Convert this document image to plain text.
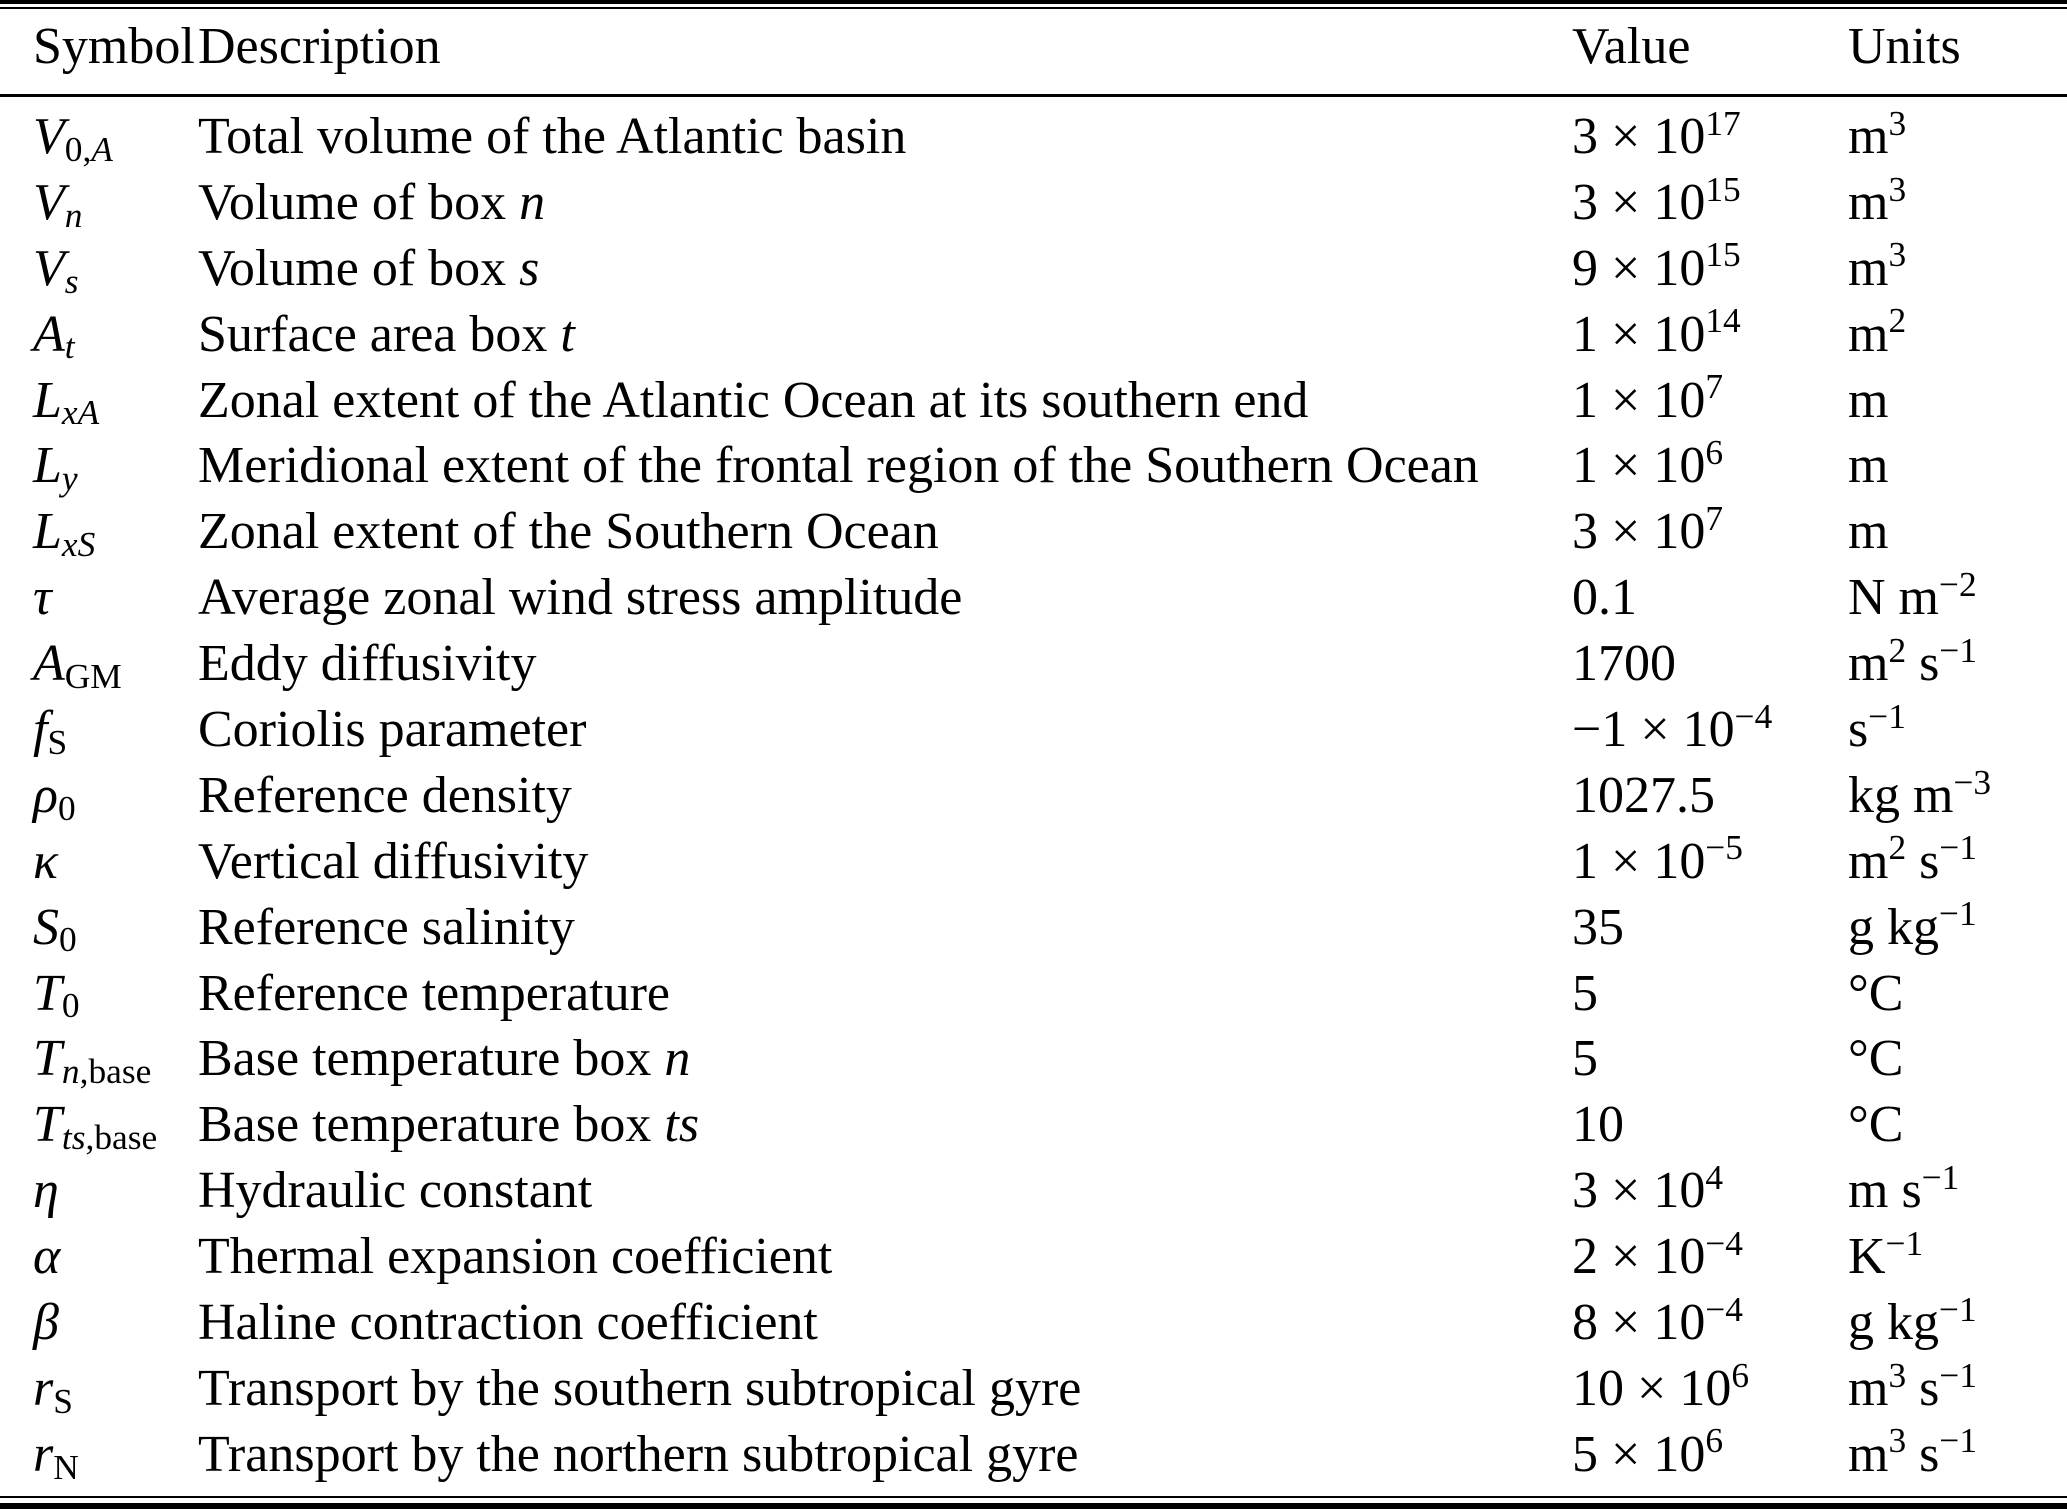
Symbol Description	Value	Units
$V_{0,A}$ Total volume of the Atlantic basin	$3 \times 10^{17}$ $m^3$
$V_n$ Volume of box n	$3 \times 10^{15}$ $m^3$
$V_s$ Volume of box s	$9 \times 10^{15}$ $m^3$
$A_t$ Surface area box t	$1 \times 10^{14}$ $m^2$
$L_{xA}$ Zonal extent of the Atlantic Ocean at its southern end	$1 \times 10^7$ m
$L_y$ Meridional extent of the frontal region of the Southern Ocean $1 \times 10^6$ m
$L_{xS}$ Zonal extent of the Southern Ocean	$3 \times 10^7$ m
τ	Average zonal wind stress amplitude	0.1	N $m^{-2}$
$A_{GM}$ Eddy diffusivity	1700	$m^2$ $s^{-1}$
$f_S$	Coriolis parameter	$-1 \times 10^{-4}$ $s^{-1}$
$\rho_0$ Reference density	1027.5	kg $m^{-3}$
κ	Vertical diffusivity	$1 \times 10^{-5}$ $m^2$ $s^{-1}$
$S_0$ Reference salinity	35	g $kg^{-1}$
$T_0$ Reference temperature	5	°C
$T_{n,base}$ Base temperature box n	5	°C
$T_{ts,base}$ Base temperature box ts	10	°C
η	Hydraulic constant	$3 \times 10^4$ m $s^{-1}$
α	Thermal expansion coefficient	$2 \times 10^{-4}$ $K^{-1}$
β	Haline contraction coefficient	$8 \times 10^{-4}$ g $kg^{-1}$
$r_S$ Transport by the southern subtropical gyre	$10 \times 10^6$ $m^3$ $s^{-1}$
$r_N$ Transport by the northern subtropical gyre	$5 \times 10^6$ $m^3$ $s^{-1}$
